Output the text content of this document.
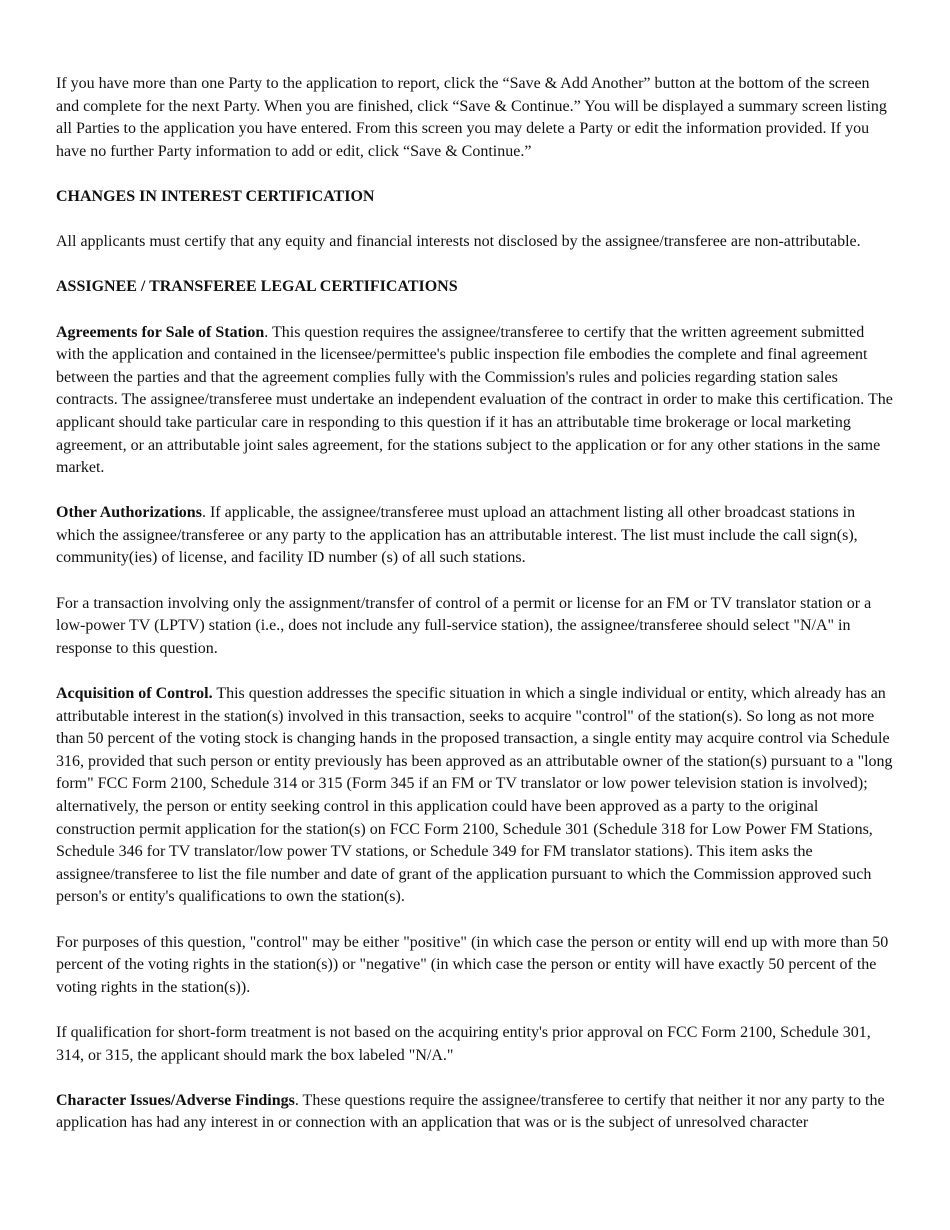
If you have more than one Party to the application to report, click the “Save & Add Another” button at the bottom of the screen and complete for the next Party. When you are finished, click “Save & Continue.” You will be displayed a summary screen listing all Parties to the application you have entered. From this screen you may delete a Party or edit the information provided. If you have no further Party information to add or edit, click “Save & Continue.”

CHANGES IN INTEREST CERTIFICATION

All applicants must certify that any equity and financial interests not disclosed by the assignee/transferee are non-attributable.

ASSIGNEE / TRANSFEREE LEGAL CERTIFICATIONS

Agreements for Sale of Station. This question requires the assignee/transferee to certify that the written agreement submitted with the application and contained in the licensee/permittee's public inspection file embodies the complete and final agreement between the parties and that the agreement complies fully with the Commission's rules and policies regarding station sales contracts. The assignee/transferee must undertake an independent evaluation of the contract in order to make this certification. The applicant should take particular care in responding to this question if it has an attributable time brokerage or local marketing agreement, or an attributable joint sales agreement, for the stations subject to the application or for any other stations in the same market.

Other Authorizations. If applicable, the assignee/transferee must upload an attachment listing all other broadcast stations in which the assignee/transferee or any party to the application has an attributable interest. The list must include the call sign(s), community(ies) of license, and facility ID number (s) of all such stations.

For a transaction involving only the assignment/transfer of control of a permit or license for an FM or TV translator station or a low-power TV (LPTV) station (i.e., does not include any full-service station), the assignee/transferee should select "N/A" in response to this question.

Acquisition of Control. This question addresses the specific situation in which a single individual or entity, which already has an attributable interest in the station(s) involved in this transaction, seeks to acquire "control" of the station(s). So long as not more than 50 percent of the voting stock is changing hands in the proposed transaction, a single entity may acquire control via Schedule 316, provided that such person or entity previously has been approved as an attributable owner of the station(s) pursuant to a "long form" FCC Form 2100, Schedule 314 or 315 (Form 345 if an FM or TV translator or low power television station is involved); alternatively, the person or entity seeking control in this application could have been approved as a party to the original construction permit application for the station(s) on FCC Form 2100, Schedule 301 (Schedule 318 for Low Power FM Stations, Schedule 346 for TV translator/low power TV stations, or Schedule 349 for FM translator stations). This item asks the assignee/transferee to list the file number and date of grant of the application pursuant to which the Commission approved such person's or entity's qualifications to own the station(s).

For purposes of this question, "control" may be either "positive" (in which case the person or entity will end up with more than 50 percent of the voting rights in the station(s)) or "negative" (in which case the person or entity will have exactly 50 percent of the voting rights in the station(s)).

If qualification for short-form treatment is not based on the acquiring entity's prior approval on FCC Form 2100, Schedule 301, 314, or 315, the applicant should mark the box labeled "N/A."

Character Issues/Adverse Findings. These questions require the assignee/transferee to certify that neither it nor any party to the application has had any interest in or connection with an application that was or is the subject of unresolved character
